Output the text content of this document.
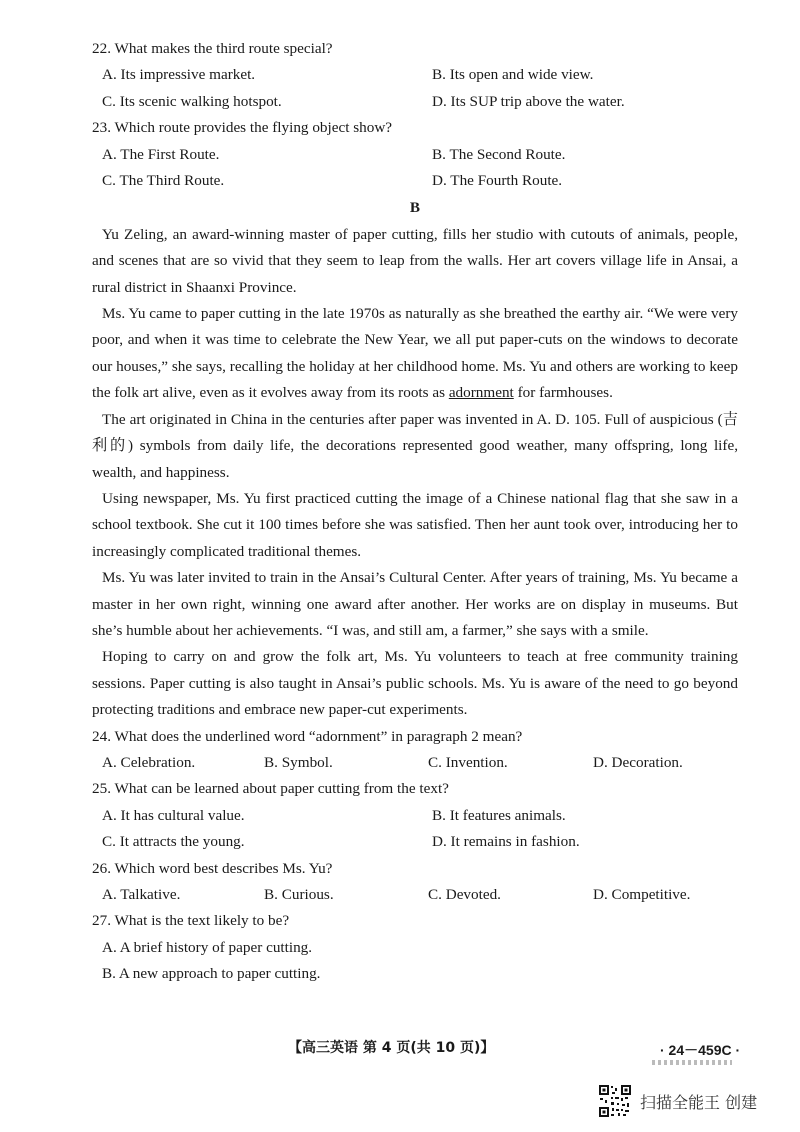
22. What makes the third route special?

A. Its impressive market.	B. Its open and wide view.
C. Its scenic walking hotspot.	D. Its SUP trip above the water.

23. Which route provides the flying object show?

A. The First Route.	B. The Second Route.
C. The Third Route.	D. The Fourth Route.

B

Yu Zeling, an award-winning master of paper cutting, fills her studio with cutouts of animals, people, and scenes that are so vivid that they seem to leap from the walls. Her art covers village life in Ansai, a rural district in Shaanxi Province.

Ms. Yu came to paper cutting in the late 1970s as naturally as she breathed the earthy air. “We were very poor, and when it was time to celebrate the New Year, we all put paper-cuts on the windows to decorate our houses,” she says, recalling the holiday at her childhood home. Ms. Yu and others are working to keep the folk art alive, even as it evolves away from its roots as adornment for farmhouses.

The art originated in China in the centuries after paper was invented in A. D. 105. Full of auspicious (吉利的) symbols from daily life, the decorations represented good weather, many offspring, long life, wealth, and happiness.

Using newspaper, Ms. Yu first practiced cutting the image of a Chinese national flag that she saw in a school textbook. She cut it 100 times before she was satisfied. Then her aunt took over, introducing her to increasingly complicated traditional themes.

Ms. Yu was later invited to train in the Ansai’s Cultural Center. After years of training, Ms. Yu became a master in her own right, winning one award after another. Her works are on display in museums. But she’s humble about her achievements. “I was, and still am, a farmer,” she says with a smile.

Hoping to carry on and grow the folk art, Ms. Yu volunteers to teach at free community training sessions. Paper cutting is also taught in Ansai’s public schools. Ms. Yu is aware of the need to go beyond protecting traditions and embrace new paper-cut experiments.

24. What does the underlined word “adornment” in paragraph 2 mean?

A. Celebration.	B. Symbol.	C. Invention.	D. Decoration.

25. What can be learned about paper cutting from the text?

A. It has cultural value.	B. It features animals.
C. It attracts the young.	D. It remains in fashion.

26. Which word best describes Ms. Yu?

A. Talkative.	B. Curious.	C. Devoted.	D. Competitive.

27. What is the text likely to be?

A. A brief history of paper cutting.

B. A new approach to paper cutting.

【高三英语 第 4 页(共 10 页)】	· 24－459C ·
扫描全能王 创建
